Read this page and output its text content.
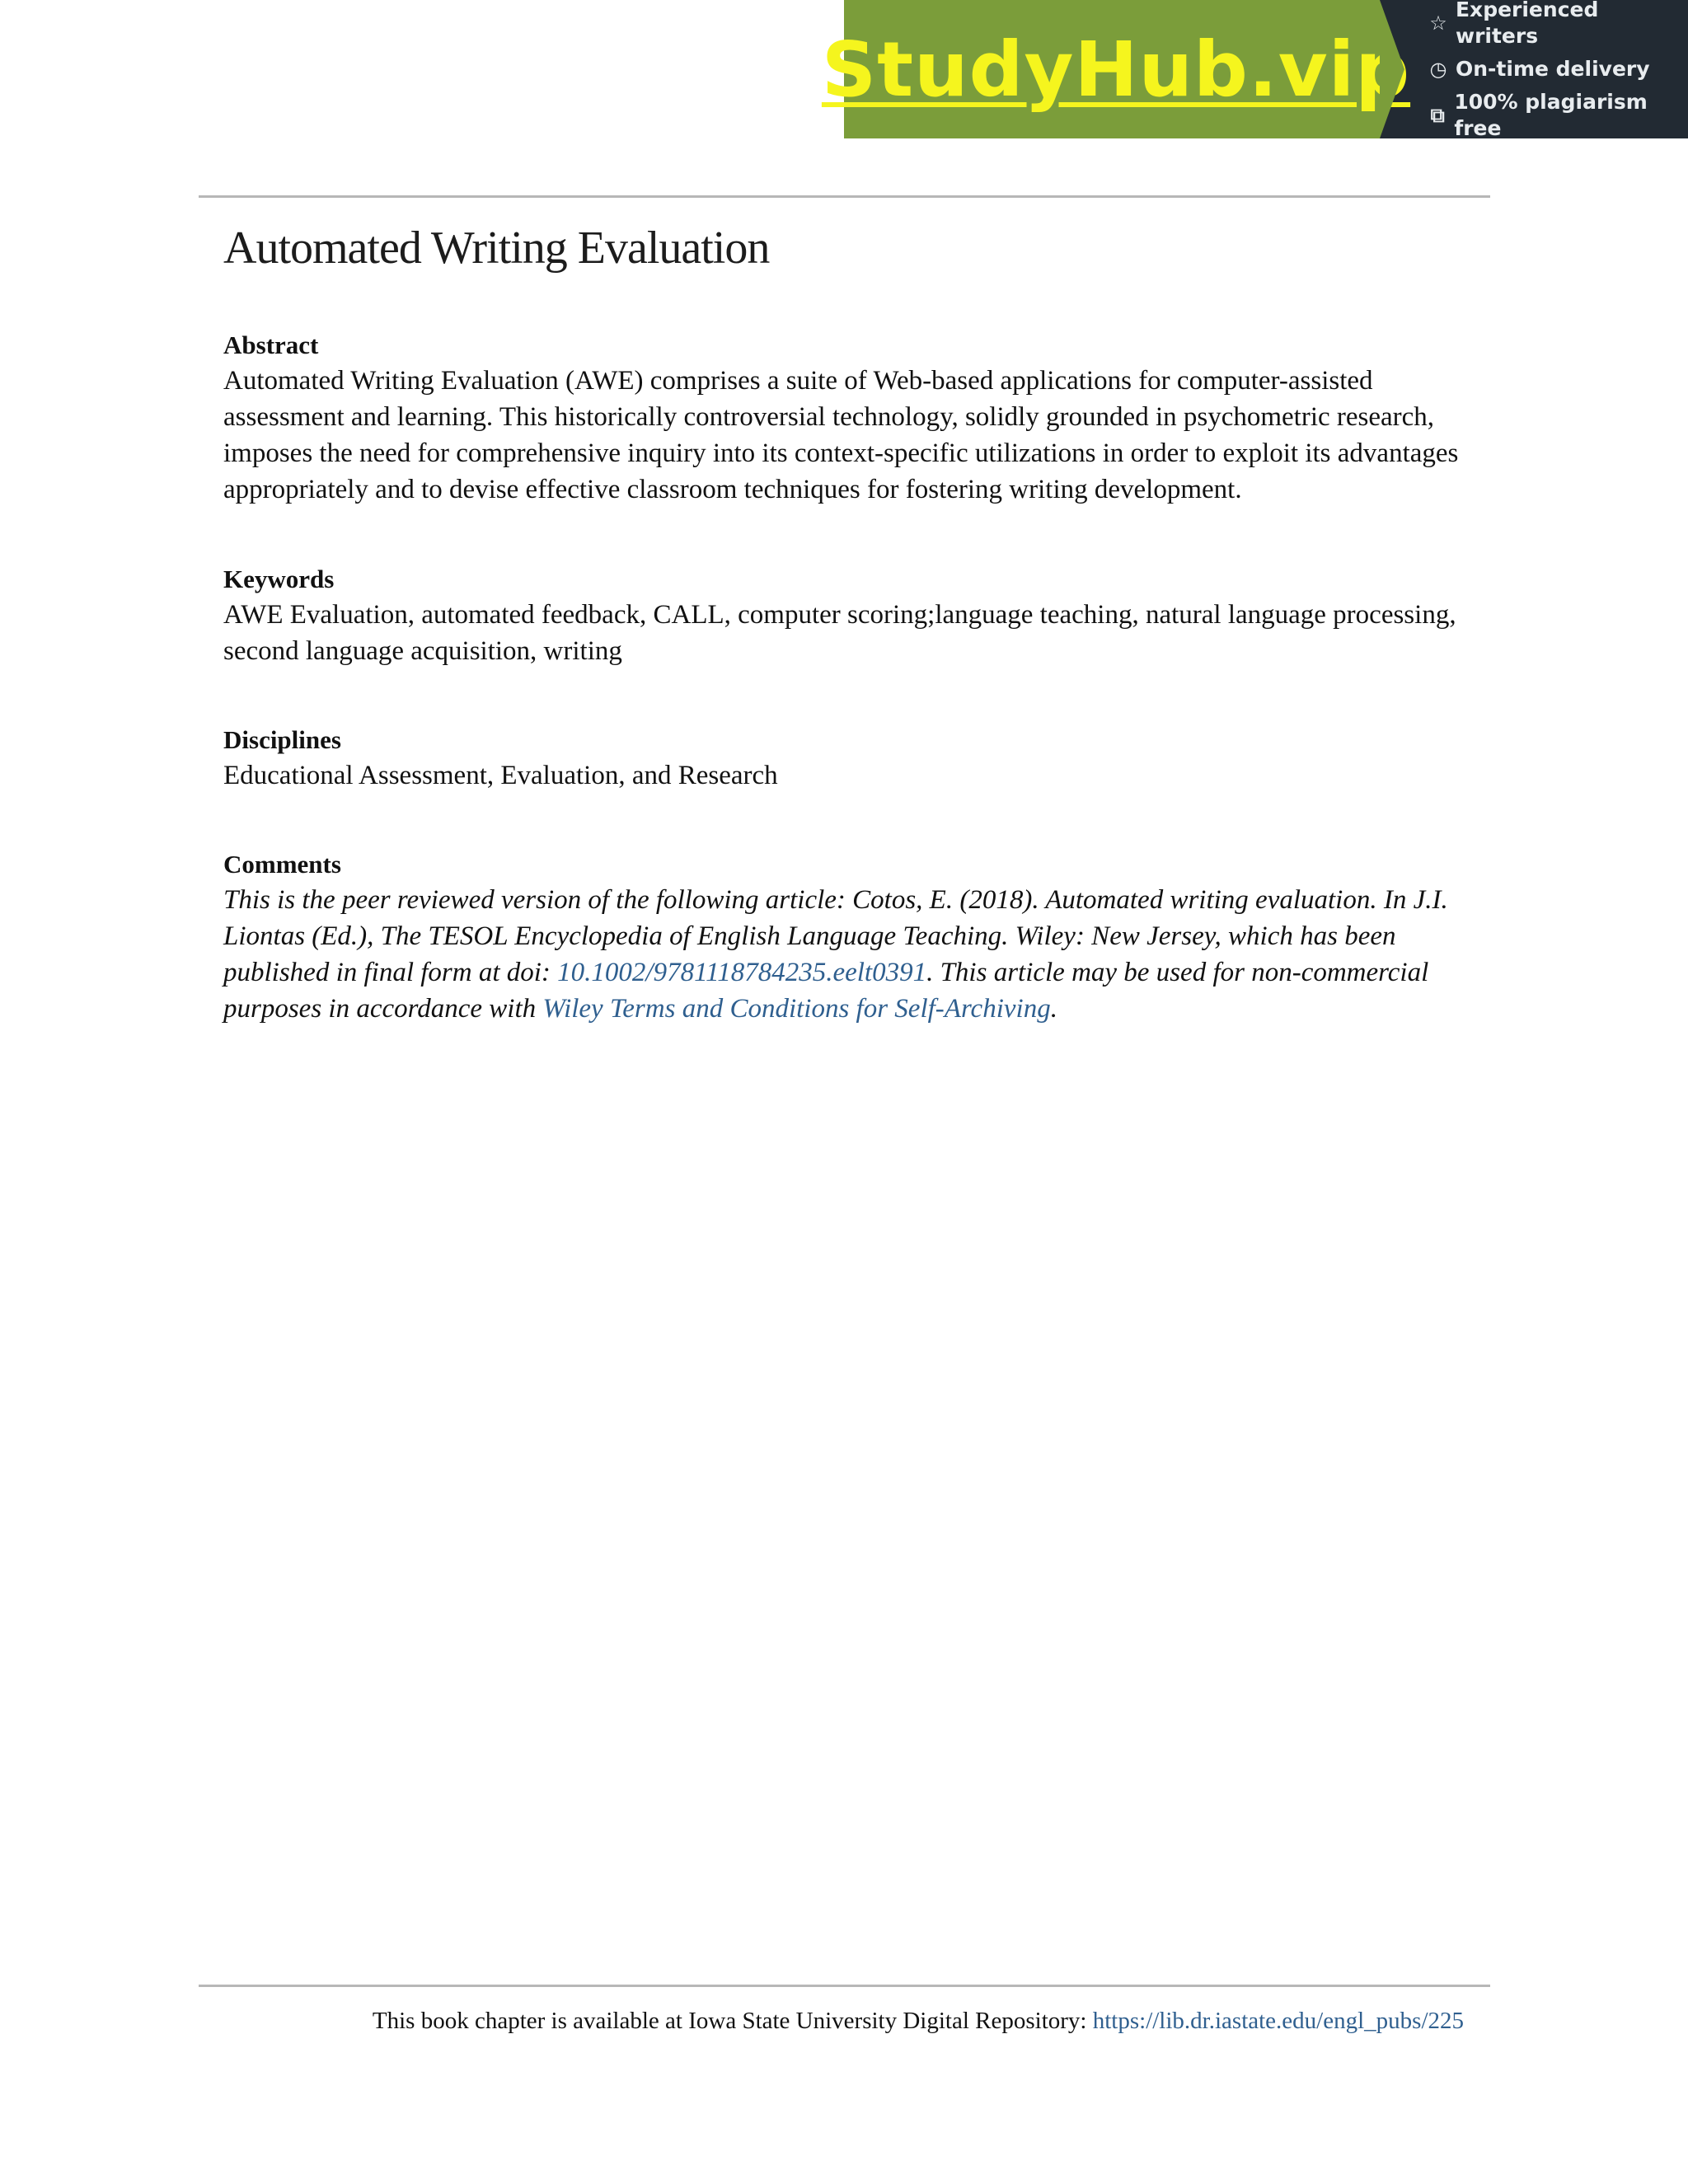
StudyHub.vip
☆
Experienced writers
◷ On-time delivery
⧉
100% plagiarism free
Automated Writing Evaluation

Abstract

Automated Writing Evaluation (AWE) comprises a suite of Web-based applications for computer-assisted assessment and learning. This historically controversial technology, solidly grounded in psychometric research, imposes the need for comprehensive inquiry into its context-specific utilizations in order to exploit its advantages appropriately and to devise effective classroom techniques for fostering writing development.

Keywords

AWE Evaluation, automated feedback, CALL, computer scoring;language teaching, natural language processing, second language acquisition, writing

Disciplines

Educational Assessment, Evaluation, and Research

Comments

This is the peer reviewed version of the following article: Cotos, E. (2018). Automated writing evaluation. In J.I. Liontas (Ed.), The TESOL Encyclopedia of English Language Teaching. Wiley: New Jersey, which has been published in final form at doi: 10.1002/9781118784235.eelt0391. This article may be used for non-commercial purposes in accordance with Wiley Terms and Conditions for Self-Archiving.

This book chapter is available at Iowa State University Digital Repository: https://lib.dr.iastate.edu/engl_pubs/225
